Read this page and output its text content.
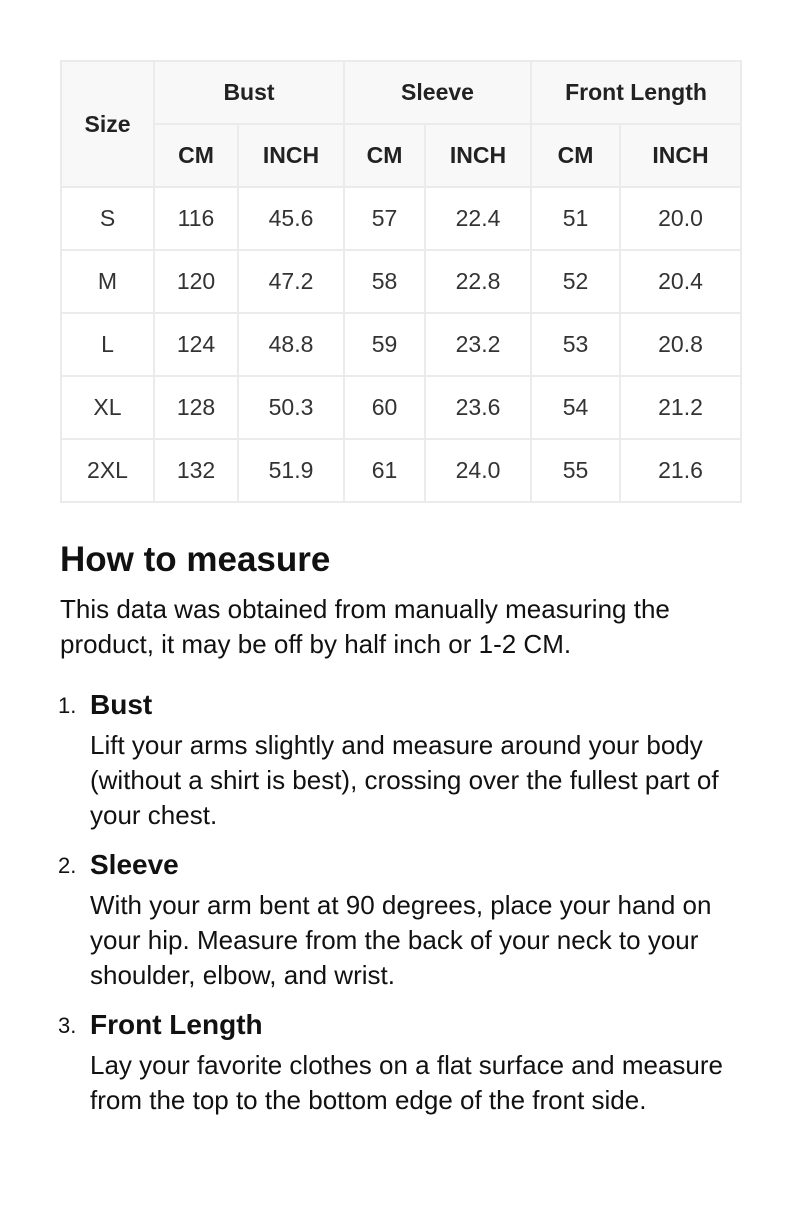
Size	Bust		Sleeve		Front Length	
	CM	INCH	CM	INCH	CM	INCH
S	116	45.6	57	22.4	51	20.0
M	120	47.2	58	22.8	52	20.4
L	124	48.8	59	23.2	53	20.8
XL	128	50.3	60	23.6	54	21.2
2XL	132	51.9	61	24.0	55	21.6
How to measure

This data was obtained from manually measuring the product, it may be off by half inch or 1-2 CM.

1. Bust
Lift your arms slightly and measure around your body (without a shirt is best), crossing over the fullest part of your chest.
2. Sleeve
With your arm bent at 90 degrees, place your hand on your hip. Measure from the back of your neck to your shoulder, elbow, and wrist.
3. Front Length
Lay your favorite clothes on a flat surface and measure from the top to the bottom edge of the front side.
